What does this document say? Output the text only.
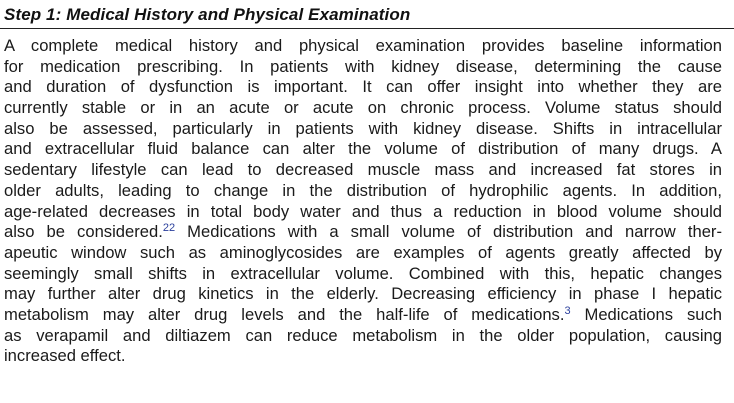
Step 1: Medical History and Physical Examination
A complete medical history and physical examination provides baseline information
for medication prescribing. In patients with kidney disease, determining the cause
and duration of dysfunction is important. It can offer insight into whether they are
currently stable or in an acute or acute on chronic process. Volume status should
also be assessed, particularly in patients with kidney disease. Shifts in intracellular
and extracellular fluid balance can alter the volume of distribution of many drugs. A
sedentary lifestyle can lead to decreased muscle mass and increased fat stores in
older adults, leading to change in the distribution of hydrophilic agents. In addition,
age-related decreases in total body water and thus a reduction in blood volume should
also be considered.$^{22}$ Medications with a small volume of distribution and narrow ther-
apeutic window such as aminoglycosides are examples of agents greatly affected by
seemingly small shifts in extracellular volume. Combined with this, hepatic changes
may further alter drug kinetics in the elderly. Decreasing efficiency in phase I hepatic
metabolism may alter drug levels and the half-life of medications.$^3$ Medications such
as verapamil and diltiazem can reduce metabolism in the older population, causing
increased effect.
